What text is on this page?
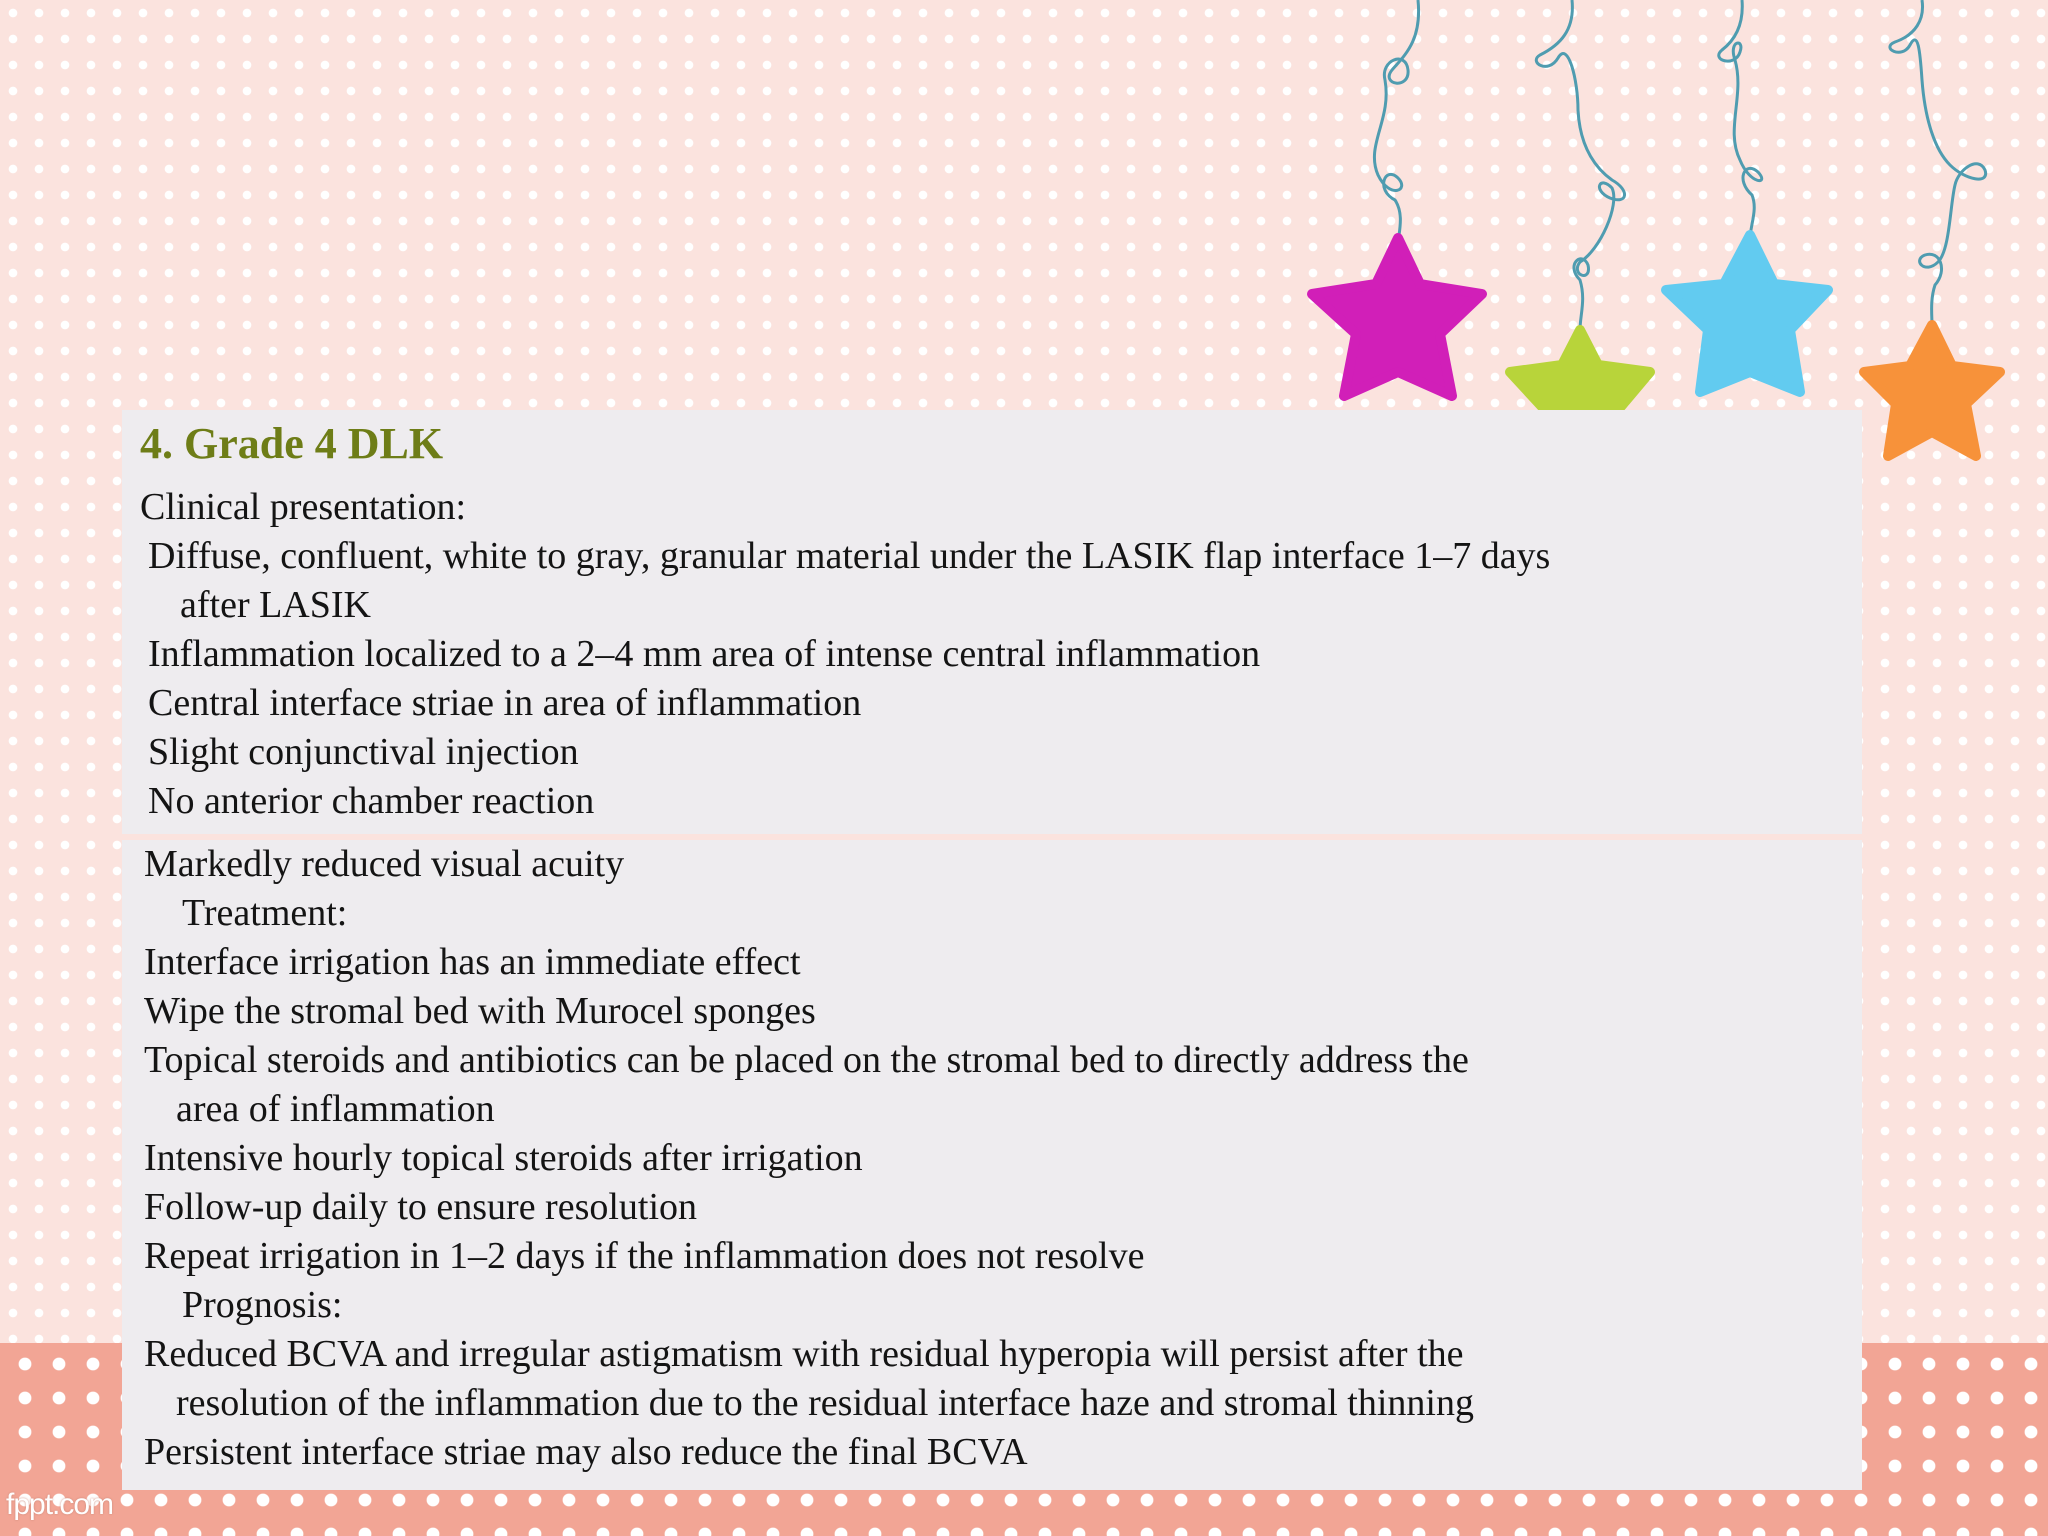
fppt.com
4. Grade 4 DLK
Clinical presentation:
Diffuse, confluent, white to gray, granular material under the LASIK flap interface 1–7 days
after LASIK
Inflammation localized to a 2–4 mm area of intense central inflammation
Central interface striae in area of inflammation
Slight conjunctival injection
No anterior chamber reaction
Markedly reduced visual acuity
Treatment:
Interface irrigation has an immediate effect
Wipe the stromal bed with Murocel sponges
Topical steroids and antibiotics can be placed on the stromal bed to directly address the
area of inflammation
Intensive hourly topical steroids after irrigation
Follow-up daily to ensure resolution
Repeat irrigation in 1–2 days if the inflammation does not resolve
Prognosis:
Reduced BCVA and irregular astigmatism with residual hyperopia will persist after the
resolution of the inflammation due to the residual interface haze and stromal thinning
Persistent interface striae may also reduce the final BCVA
